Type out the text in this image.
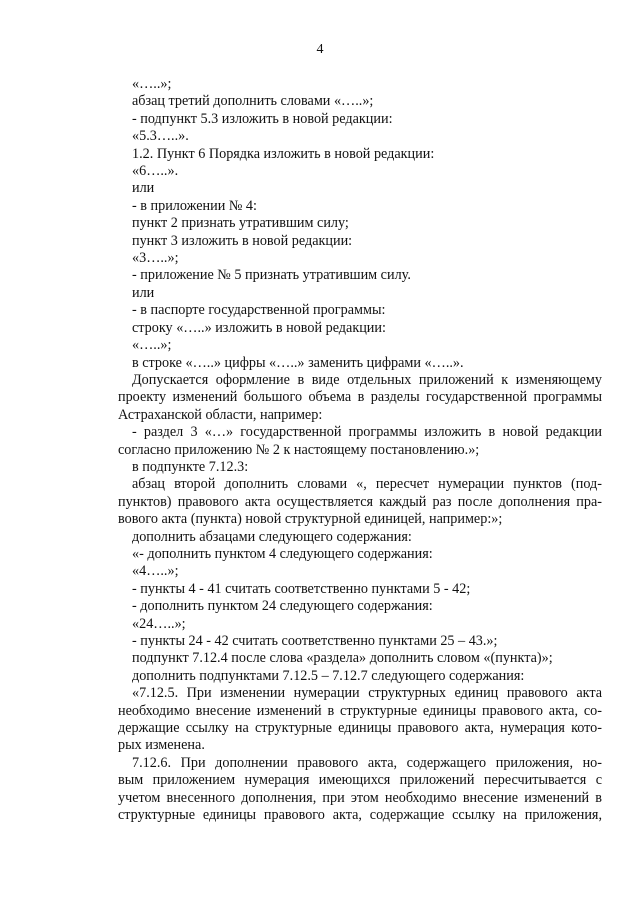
4

«…..»;

абзац третий дополнить словами «…..»;

- подпункт 5.3 изложить в новой редакции:

«5.3…..».

1.2. Пункт 6 Порядка изложить в новой редакции:

«6…..».

или

- в приложении № 4:

пункт 2 признать утратившим силу;

пункт 3 изложить в новой редакции:

«3…..»;

- приложение № 5 признать утратившим силу.

или

- в паспорте государственной программы:

строку «…..» изложить в новой редакции:

«…..»;

в строке «…..» цифры «…..» заменить цифрами «…..».

Допускается оформление в виде отдельных приложений к изменяющему

проекту изменений большого объема в разделы государственной программы

Астраханской области, например:

- раздел 3 «…» государственной программы изложить в новой редакции

согласно приложению № 2 к настоящему постановлению.»;

в подпункте 7.12.3:

абзац второй дополнить словами «, пересчет нумерации пунктов (под-

пунктов) правового акта осуществляется каждый раз после дополнения пра-

вового акта (пункта) новой структурной единицей, например:»;

дополнить абзацами следующего содержания:

«- дополнить пунктом 4 следующего содержания:

«4…..»;

- пункты 4 - 41 считать соответственно пунктами 5 - 42;

- дополнить пунктом 24 следующего содержания:

«24…..»;

- пункты 24 - 42 считать соответственно пунктами 25 – 43.»;

подпункт 7.12.4 после слова «раздела» дополнить словом «(пункта)»;

дополнить подпунктами 7.12.5 – 7.12.7 следующего содержания:

«7.12.5. При изменении нумерации структурных единиц правового акта

необходимо внесение изменений в структурные единицы правового акта, со-

держащие ссылку на структурные единицы правового акта, нумерация кото-

рых изменена.

7.12.6. При дополнении правового акта, содержащего приложения, но-

вым приложением нумерация имеющихся приложений пересчитывается с

учетом внесенного дополнения, при этом необходимо внесение изменений в

структурные единицы правового акта, содержащие ссылку на приложения,
